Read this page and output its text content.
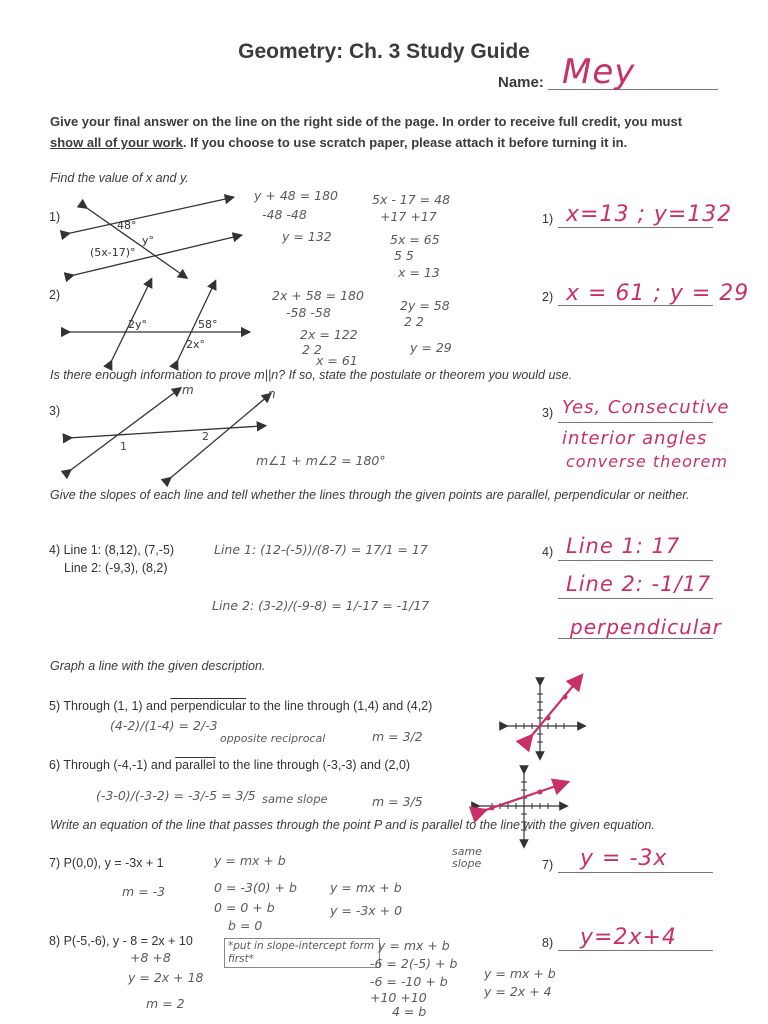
Geometry: Ch. 3 Study Guide
Name: Mey
Give your final answer on the line on the right side of the page. In order to receive full credit, you must show all of your work. If you choose to use scratch paper, please attach it before turning it in.
Find the value of x and y.
Is there enough information to prove m||n? If so, state the postulate or theorem you would use.
Give the slopes of each line and tell whether the lines through the given points are parallel, perpendicular or neither.
Graph a line with the given description.
Write an equation of the line that passes through the point P and is parallel to the line with the given equation.
1)	1) x=13 ; y=132
2)	2) x = 61 ; y = 29
3)	3) Yes, Consecutive
interior angles
converse theorem
4) Line 1: (8,12), (7,-5)
Line 2: (-9,3), (8,2)
4) Line 1: 17
Line 2: -1/17
perpendicular
5) Through (1, 1) and perpendicular to the line through (1,4) and (4,2)
6) Through (-4,-1) and parallel to the line through (-3,-3) and (2,0)
7) P(0,0), y = -3x + 1	7) y = -3x
8) P(-5,-6), y - 8 = 2x + 10	8) y=2x+4
y + 48 = 180
-48 -48
y = 132
5x - 17 = 48
+17 +17
5x = 65
5 5
x = 13
2x + 58 = 180
-58 -58
2x = 122
2 2
x = 61
2y = 58
2 2
y = 29
m∠1 + m∠2 = 180°
Line 1: (12-(-5))/(8-7) = 17/1 = 17
Line 2: (3-2)/(-9-8) = 1/-17 = -1/17
(4-2)/(1-4) = 2/-3
opposite reciprocal	m = 3/2
(-3-0)/(-3-2) = -3/-5 = 3/5 same slope	m = 3/5
y = mx + b
m = -3	0 = -3(0) + b
0 = 0 + b
b = 0
y = mx + b
y = -3x + 0
same slope
+8 +8
y = 2x + 18
m = 2
*put in slope-intercept form first*
y = mx + b
-6 = 2(-5) + b
-6 = -10 + b
+10 +10
4 = b
y = mx + b
y = 2x + 4
48°
(5x-17)°
y°
2y°	58°
2x°
m	n
1
2
